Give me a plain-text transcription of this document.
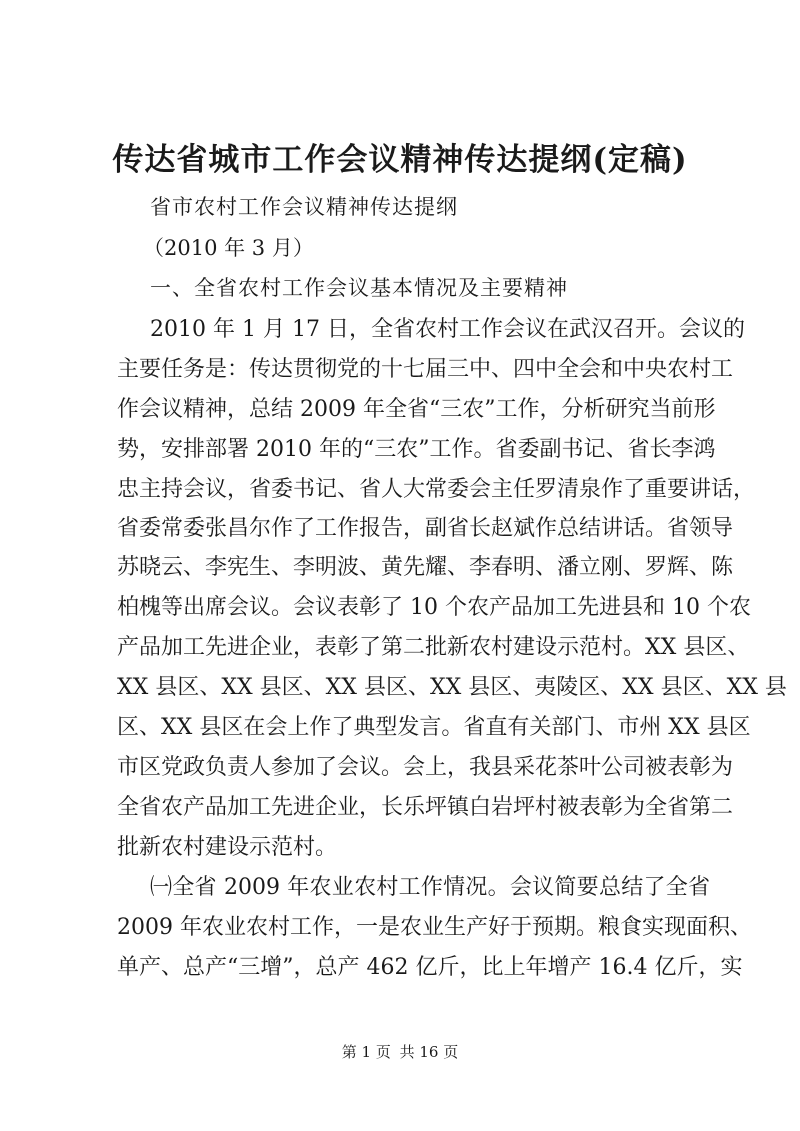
传达省城市工作会议精神传达提纲(定稿)
省市农村工作会议精神传达提纲
（2010 年 3 月）
一、全省农村工作会议基本情况及主要精神
2010 年 1 月 17 日，全省农村工作会议在武汉召开。会议的
主要任务是：传达贯彻党的十七届三中、四中全会和中央农村工
作会议精神，总结 2009 年全省“三农”工作，分析研究当前形
势，安排部署 2010 年的“三农”工作。省委副书记、省长李鸿
忠主持会议，省委书记、省人大常委会主任罗清泉作了重要讲话，
省委常委张昌尔作了工作报告，副省长赵斌作总结讲话。省领导
苏晓云、李宪生、李明波、黄先耀、李春明、潘立刚、罗辉、陈
柏槐等出席会议。会议表彰了 10 个农产品加工先进县和 10 个农
产品加工先进企业，表彰了第二批新农村建设示范村。XX 县区、
XX 县区、XX 县区、XX 县区、XX 县区、夷陵区、XX 县区、XX 县
区、XX 县区在会上作了典型发言。省直有关部门、市州 XX 县区
市区党政负责人参加了会议。会上，我县采花茶叶公司被表彰为
全省农产品加工先进企业，长乐坪镇白岩坪村被表彰为全省第二
批新农村建设示范村。
㈠全省 2009 年农业农村工作情况。会议简要总结了全省
2009 年农业农村工作，一是农业生产好于预期。粮食实现面积、
单产、总产“三增”，总产 462 亿斤，比上年增产 16.4 亿斤，实
第 1 页 共 16 页
